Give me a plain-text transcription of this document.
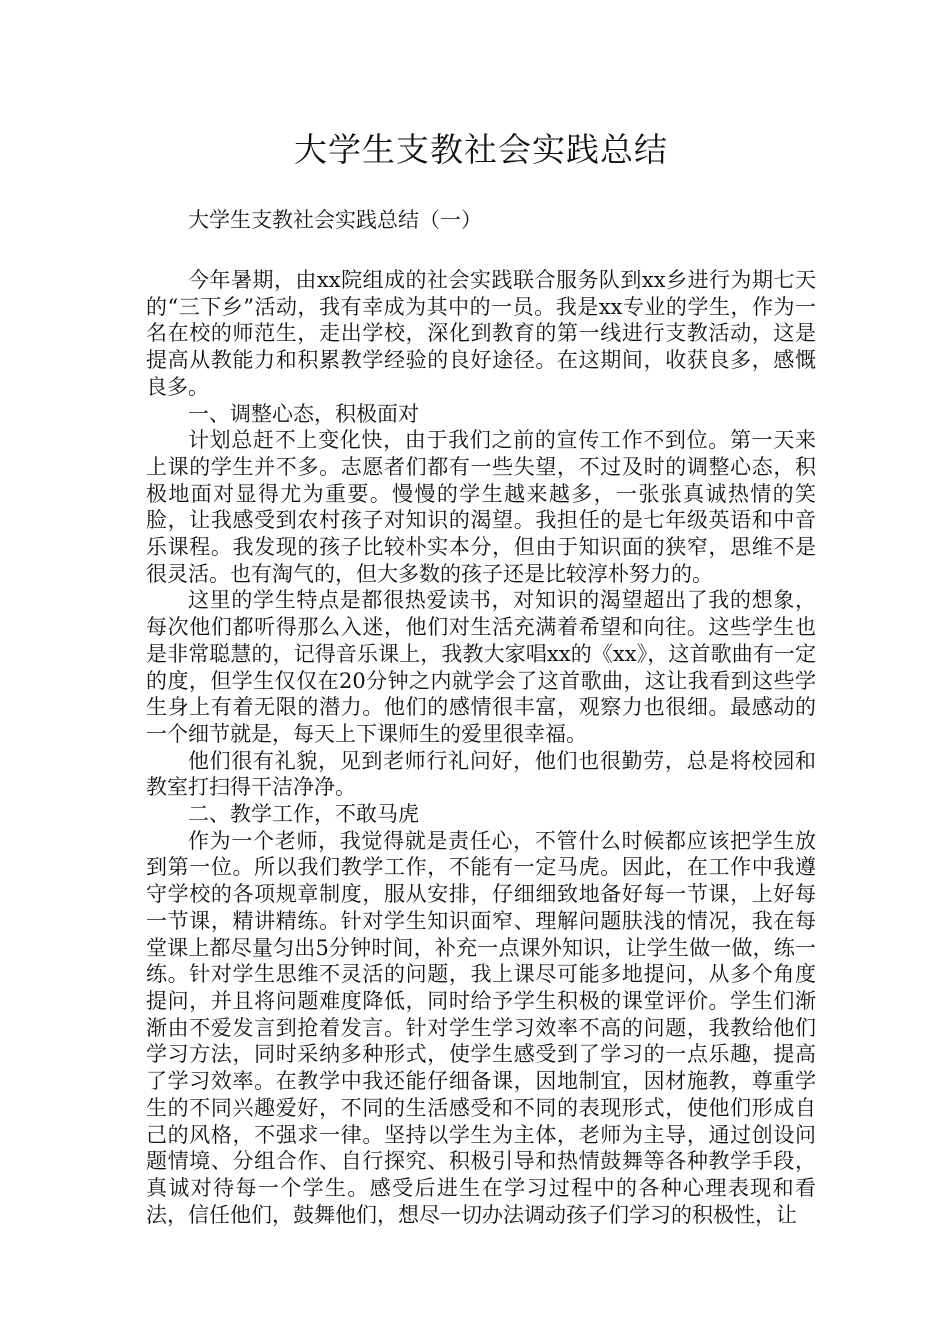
大学生支教社会实践总结
大学生支教社会实践总结（一）

今年暑期，由xx院组成的社会实践联合服务队到xx乡进行为期七天的“三下乡”活动，我有幸成为其中的一员。我是xx专业的学生，作为一名在校的师范生，走出学校，深化到教育的第一线进行支教活动，这是提高从教能力和积累教学经验的良好途径。在这期间，收获良多，感慨良多。

一、调整心态，积极面对

计划总赶不上变化快，由于我们之前的宣传工作不到位。第一天来上课的学生并不多。志愿者们都有一些失望，不过及时的调整心态，积极地面对显得尤为重要。慢慢的学生越来越多，一张张真诚热情的笑脸，让我感受到农村孩子对知识的渴望。我担任的是七年级英语和中音乐课程。我发现的孩子比较朴实本分，但由于知识面的狭窄，思维不是很灵活。也有淘气的，但大多数的孩子还是比较淳朴努力的。

这里的学生特点是都很热爱读书，对知识的渴望超出了我的想象，每次他们都听得那么入迷，他们对生活充满着希望和向往。这些学生也是非常聪慧的，记得音乐课上，我教大家唱xx的《xx》，这首歌曲有一定的度，但学生仅仅在20分钟之内就学会了这首歌曲，这让我看到这些学生身上有着无限的潜力。他们的感情很丰富，观察力也很细。最感动的一个细节就是，每天上下课师生的爱里很幸福。

他们很有礼貌，见到老师行礼问好，他们也很勤劳，总是将校园和教室打扫得干洁净净。

二、教学工作，不敢马虎

作为一个老师，我觉得就是责任心，不管什么时候都应该把学生放到第一位。所以我们教学工作，不能有一定马虎。因此，在工作中我遵守学校的各项规章制度，服从安排，仔细细致地备好每一节课，上好每一节课，精讲精练。针对学生知识面窄、理解问题肤浅的情况，我在每堂课上都尽量匀出5分钟时间，补充一点课外知识，让学生做一做，练一练。针对学生思维不灵活的问题，我上课尽可能多地提问，从多个角度提问，并且将问题难度降低，同时给予学生积极的课堂评价。学生们渐渐由不爱发言到抢着发言。针对学生学习效率不高的问题，我教给他们学习方法，同时采纳多种形式，使学生感受到了学习的一点乐趣，提高了学习效率。在教学中我还能仔细备课，因地制宜，因材施教，尊重学生的不同兴趣爱好，不同的生活感受和不同的表现形式，使他们形成自己的风格，不强求一律。坚持以学生为主体，老师为主导，通过创设问题情境、分组合作、自行探究、积极引导和热情鼓舞等各种教学手段，真诚对待每一个学生。感受后进生在学习过程中的各种心理表现和看法，信任他们，鼓舞他们，想尽一切办法调动孩子们学习的积极性，让
